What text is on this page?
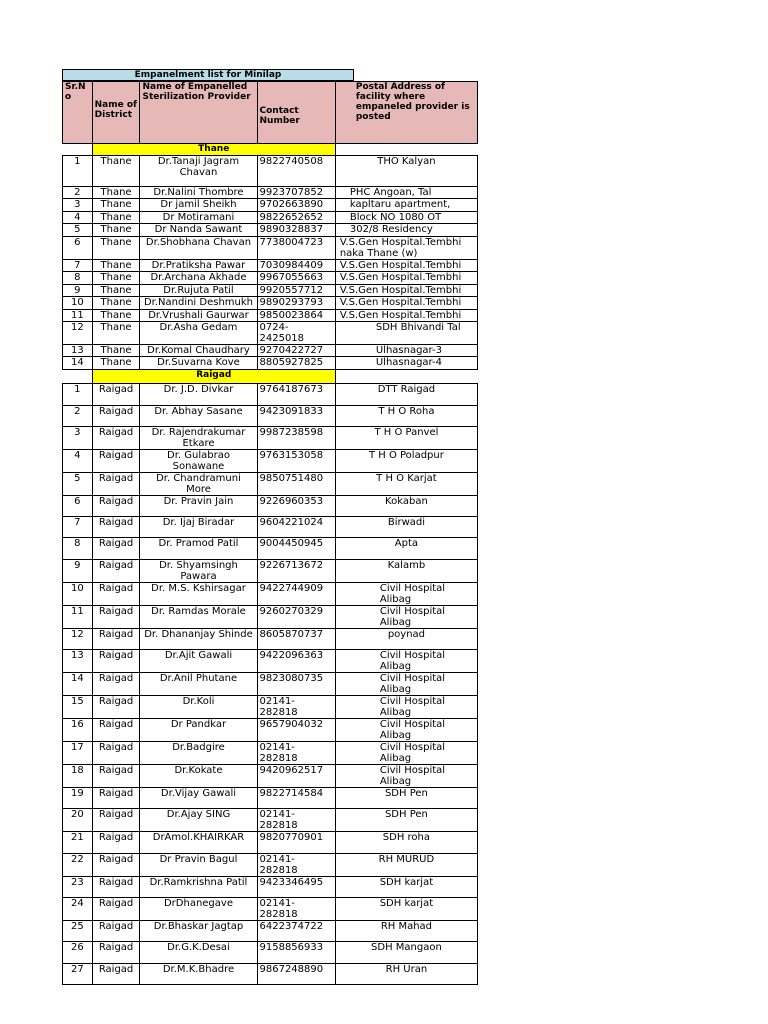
Empanelment list for Minilap
Sr.N o	Name of District	Name of Empanelled Sterilization Provider	Contact Number	Postal Address of facility where empaneled provider is posted
	Thane			
1	Thane	Dr.Tanaji Jagram Chavan	9822740508	THO Kalyan
2	Thane	Dr.Nalini Thombre	9923707852	PHC Angoan, Tal
3	Thane	Dr jamil Sheikh	9702663890	kapltaru apartment,
4	Thane	Dr Motiramani	9822652652	Block NO 1080 OT
5	Thane	Dr Nanda Sawant	9890328837	302/8 Residency
6	Thane	Dr.Shobhana Chavan	7738004723	V.S.Gen Hospital.Tembhi naka Thane (w)
7	Thane	Dr.Pratiksha Pawar	7030984409	V.S.Gen Hospital.Tembhi
8	Thane	Dr.Archana Akhade	9967055663	V.S.Gen Hospital.Tembhi
9	Thane	Dr.Rujuta Patil	9920557712	V.S.Gen Hospital.Tembhi
10	Thane	Dr.Nandini Deshmukh	9890293793	V.S.Gen Hospital.Tembhi
11	Thane	Dr.Vrushali Gaurwar	9850023864	V.S.Gen Hospital.Tembhi
12	Thane	Dr.Asha Gedam	0724-2425018	SDH Bhivandi Tal
13	Thane	Dr.Komal Chaudhary	9270422727	Ulhasnagar-3
14	Thane	Dr.Suvarna Kove	8805927825	Ulhasnagar-4
	Raigad			
1	Raigad	Dr. J.D. Divkar	9764187673	DTT Raigad
2	Raigad	Dr. Abhay Sasane	9423091833	T H O Roha
3	Raigad	Dr. Rajendrakumar Etkare	9987238598	T H O Panvel
4	Raigad	Dr. Gulabrao Sonawane	9763153058	T H O Poladpur
5	Raigad	Dr. Chandramuni More	9850751480	T H O Karjat
6	Raigad	Dr. Pravin Jain	9226960353	Kokaban
7	Raigad	Dr. Ijaj Biradar	9604221024	Birwadi
8	Raigad	Dr. Pramod Patil	9004450945	Apta
9	Raigad	Dr. Shyamsingh Pawara	9226713672	Kalamb
10	Raigad	Dr. M.S. Kshirsagar	9422744909	Civil Hospital Alibag
11	Raigad	Dr. Ramdas Morale	9260270329	Civil Hospital Alibag
12	Raigad	Dr. Dhananjay Shinde	8605870737	poynad
13	Raigad	Dr.Ajit Gawali	9422096363	Civil Hospital Alibag
14	Raigad	Dr.Anil Phutane	9823080735	Civil Hospital Alibag
15	Raigad	Dr.Koli	02141- 282818	Civil Hospital Alibag
16	Raigad	Dr Pandkar	9657904032	Civil Hospital Alibag
17	Raigad	Dr.Badgire	02141- 282818	Civil Hospital Alibag
18	Raigad	Dr.Kokate	9420962517	Civil Hospital Alibag
19	Raigad	Dr.Vijay Gawali	9822714584	SDH Pen
20	Raigad	Dr.Ajay SING	02141- 282818	SDH Pen
21	Raigad	DrAmol.KHAIRKAR	9820770901	SDH roha
22	Raigad	Dr Pravin Bagul	02141- 282818	RH MURUD
23	Raigad	Dr.Ramkrishna Patil	9423346495	SDH karjat
24	Raigad	DrDhanegave	02141- 282818	SDH karjat
25	Raigad	Dr.Bhaskar Jagtap	6422374722	RH Mahad
26	Raigad	Dr.G.K.Desai	9158856933	SDH Mangaon
27	Raigad	Dr.M.K.Bhadre	9867248890	RH Uran
